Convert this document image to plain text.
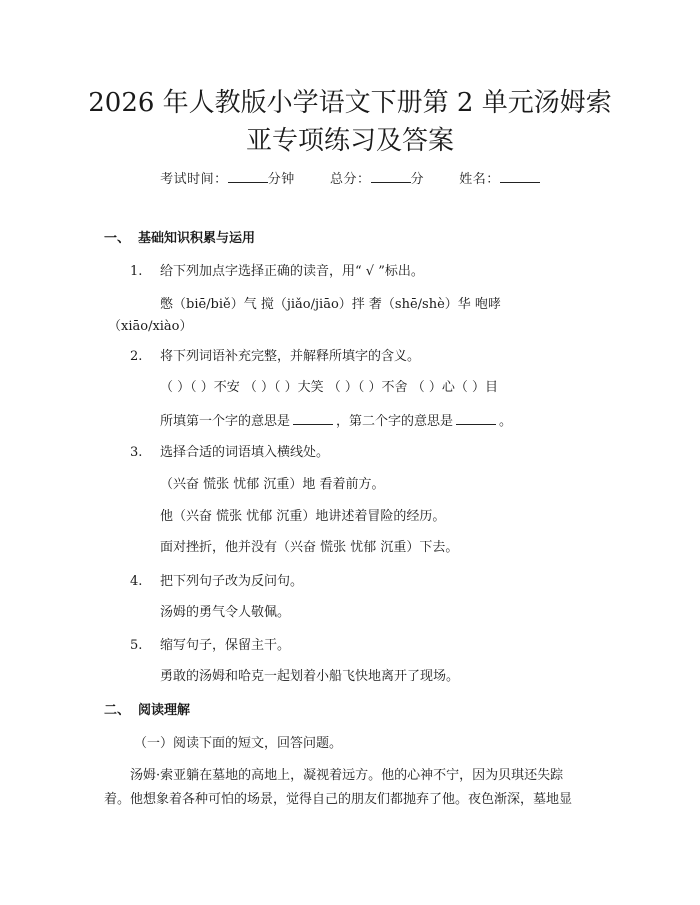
2026 年人教版小学语文下册第 2 单元汤姆索
亚专项练习及答案
考试时间：	分钟	总分：	分	姓名：

一、 基础知识积累与运用

1. 给下列加点字选择正确的读音，用“ √ ”标出。

憋（biē/biě）气 搅（jiǎo/jiāo）拌 奢（shē/shè）华 咆哮

（xiāo/xiào）

2. 将下列词语补充完整，并解释所填字的含义。

（ ）（ ）不安 （ ）（ ）大笑 （ ）（ ）不舍 （ ）心（ ）目

所填第一个字的意思是	，第二个字的意思是	。

3. 选择合适的词语填入横线处。

（兴奋 慌张 忧郁 沉重）地 看着前方。

他（兴奋 慌张 忧郁 沉重）地讲述着冒险的经历。

面对挫折，他并没有（兴奋 慌张 忧郁 沉重）下去。

4. 把下列句子改为反问句。

汤姆的勇气令人敬佩。

5. 缩写句子，保留主干。

勇敢的汤姆和哈克一起划着小船飞快地离开了现场。

二、 阅读理解

（一）阅读下面的短文，回答问题。

汤姆·索亚躺在墓地的高地上，凝视着远方。他的心神不宁，因为贝琪还失踪

着。他想象着各种可怕的场景，觉得自己的朋友们都抛弃了他。夜色渐深，墓地显
